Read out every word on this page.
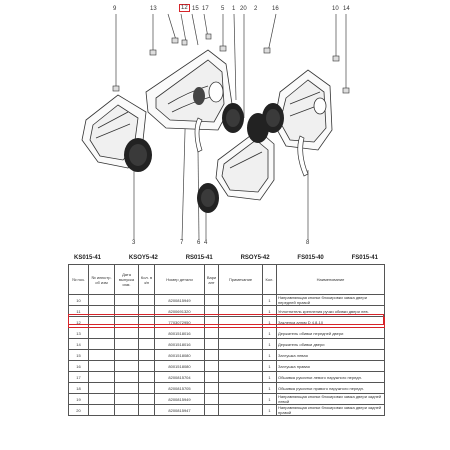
9	13	12 15 17 5 1 20 2 16	10 14
3	7 6 4	8
KS015-41	KSOY5-42	RS015-41	RSOY5-42	FS015-40	FS015-41
№ поз.	№ илюстр. об изм	Дата выпуска изм.	Кол. в з/п	Номер детали	Ваpи ант	Примечание	Кол.	Наименование
10				8200815949			1	Направляющая кнопки блокировки замка двери передней правой
11				8200691320			1	Уплотнитель крепления ручки обивки двери лев.
12				7703072950			1	Заклепка алюм D 4,8-10
13				8001518016			1	Держатель обивки передней двери
14				8001518016			1	Держатель обивки двери
15				8001518080			1	Заглушка левая
16				8001518080			1	Заглушка правая
17				8200815704			1	Обшивка рукоятки левого наружного передн.
18				8200815705			1	Обшивка рукоятки правого наружного передн.
19				8200815949			1	Направляющая кнопки блокировки замка двери задней левой
20				8200815947			1	Направляющая кнопки блокировки замка двери задней правой
